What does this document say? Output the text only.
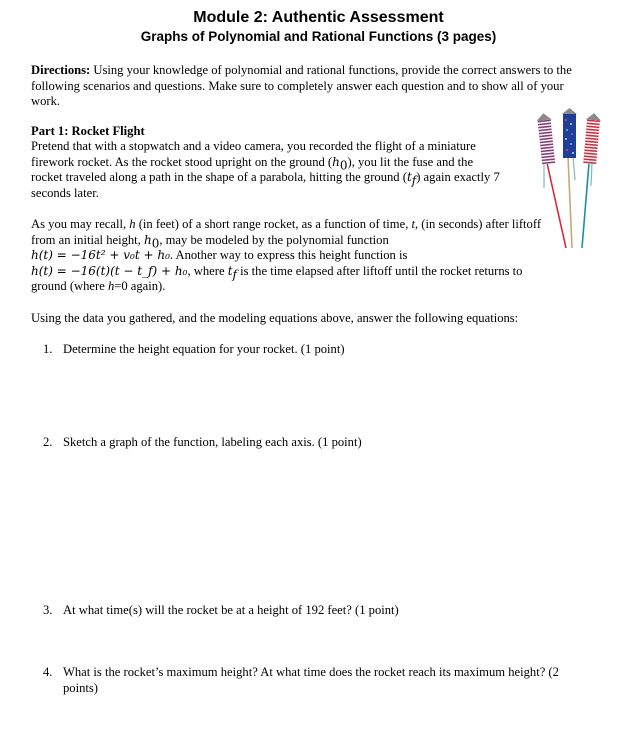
Module 2: Authentic Assessment
Graphs of Polynomial and Rational Functions (3 pages)
Directions: Using your knowledge of polynomial and rational functions, provide the correct answers to the following scenarios and questions. Make sure to completely answer each question and to show all of your work.
Part 1: Rocket Flight
Pretend that with a stopwatch and a video camera, you recorded the flight of a miniature firework rocket. As the rocket stood upright on the ground $(h_0)$, you lit the fuse and the rocket traveled along a path in the shape of a parabola, hitting the ground $(t_f)$ again exactly 7 seconds later.
As you may recall, h (in feet) of a short range rocket, as a function of time, t, (in seconds) after liftoff from an initial height, $h_0$, may be modeled by the polynomial function
h(t) = −16t² + v₀t + h₀. Another way to express this height function is
h(t) = −16(t)(t − t_f) + h₀, where $t_f$ is the time elapsed after liftoff until the rocket returns to ground (where h=0 again).
Using the data you gathered, and the modeling equations above, answer the following equations:
1. Determine the height equation for your rocket. (1 point)
2. Sketch a graph of the function, labeling each axis. (1 point)
3. At what time(s) will the rocket be at a height of 192 feet? (1 point)
4. What is the rocket’s maximum height? At what time does the rocket reach its maximum height? (2 points)
